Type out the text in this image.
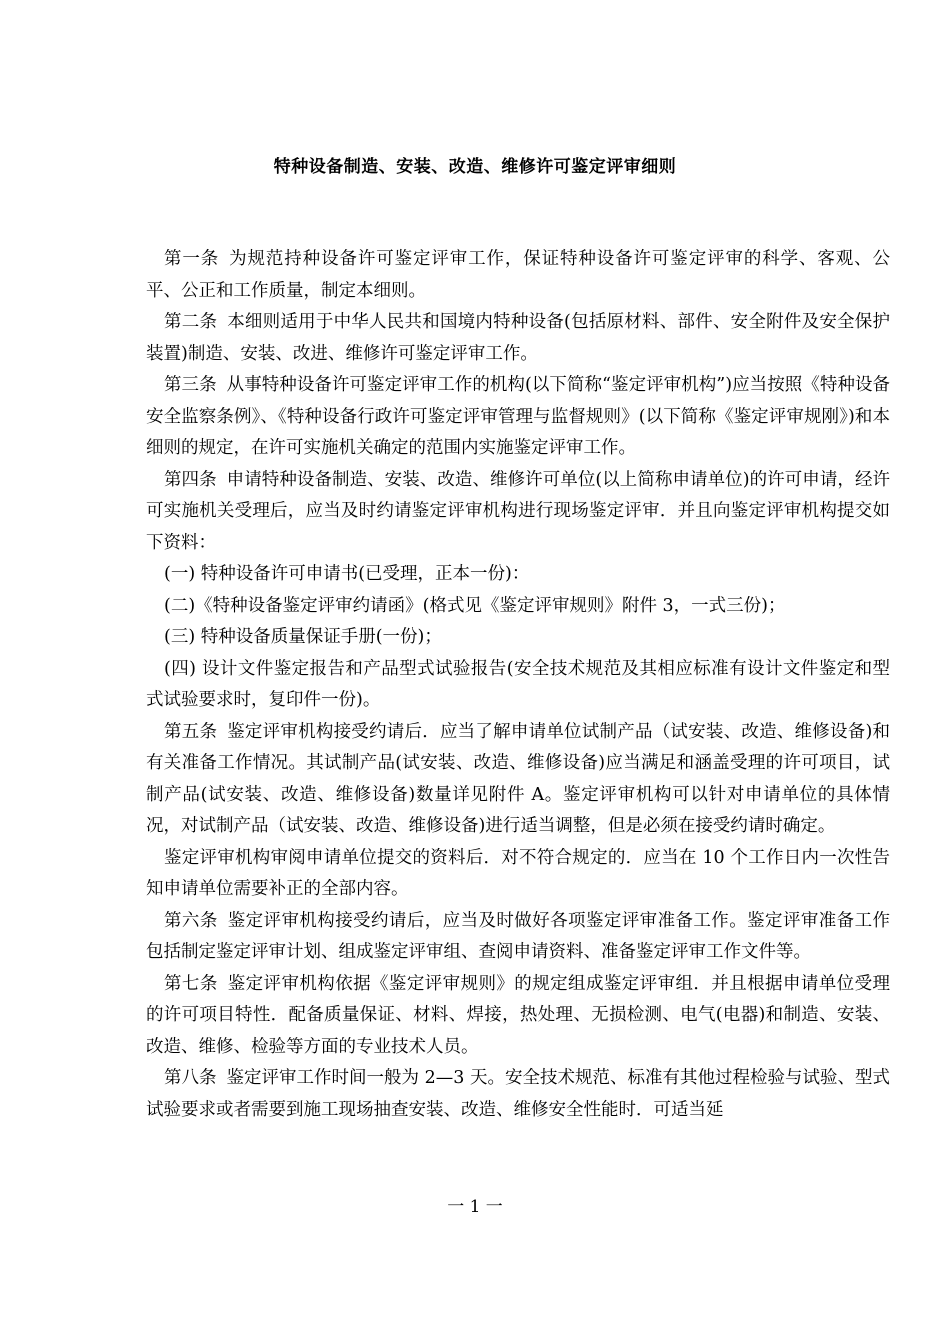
特种设备制造、安装、改造、维修许可鉴定评审细则

第一条 为规范持种设备许可鉴定评审工作，保证特种设备许可鉴定评审的科学、客观、公平、公正和工作质量，制定本细则。

第二条 本细则适用于中华人民共和国境内特种设备(包括原材料、部件、安全附件及安全保护装置)制造、安装、改进、维修许可鉴定评审工作。

第三条 从事特种设备许可鉴定评审工作的机构(以下简称“鉴定评审机构”)应当按照《特种设备安全监察条例》、《特种设备行政许可鉴定评审管理与监督规则》(以下简称《鉴定评审规刚》)和本细则的规定，在许可实施机关确定的范围内实施鉴定评审工作。

第四条 申请特种设备制造、安装、改造、维修许可单位(以上简称申请单位)的许可申请，经许可实施机关受理后，应当及时约请鉴定评审机构进行现场鉴定评审．并且向鉴定评审机构提交如下资料：

(一) 特种设备许可申请书(已受理，正本一份)：

(二)《特种设备鉴定评审约请函》(格式见《鉴定评审规则》附件 3，一式三份)；

(三) 特种设备质量保证手册(一份)；

(四) 设计文件鉴定报告和产品型式试验报告(安全技术规范及其相应标准有设计文件鉴定和型式试验要求时，复印件一份)。

第五条 鉴定评审机构接受约请后．应当了解申请单位试制产品（试安装、改造、维修设备)和有关准备工作情况。其试制产品(试安装、改造、维修设备)应当满足和涵盖受理的许可项目，试制产品(试安装、改造、维修设备)数量详见附件 A。鉴定评审机构可以针对申请单位的具体情况，对试制产品（试安装、改造、维修设备)进行适当调整，但是必须在接受约请时确定。

鉴定评审机构审阅申请单位提交的资料后．对不符合规定的．应当在 10 个工作日内一次性告知申请单位需要补正的全部内容。

第六条 鉴定评审机构接受约请后，应当及时做好各项鉴定评审准备工作。鉴定评审准备工作包括制定鉴定评审计划、组成鉴定评审组、查阅申请资料、准备鉴定评审工作文件等。

第七条 鉴定评审机构依据《鉴定评审规则》的规定组成鉴定评审组．并且根据申请单位受理的许可项目特性．配备质量保证、材料、焊接，热处理、无损检测、电气(电器)和制造、安装、改造、维修、检验等方面的专业技术人员。

第八条 鉴定评审工作时间一般为 2—3 天。安全技术规范、标准有其他过程检验与试验、型式试验要求或者需要到施工现场抽查安装、改造、维修安全性能时．可适当延

一 1 一
